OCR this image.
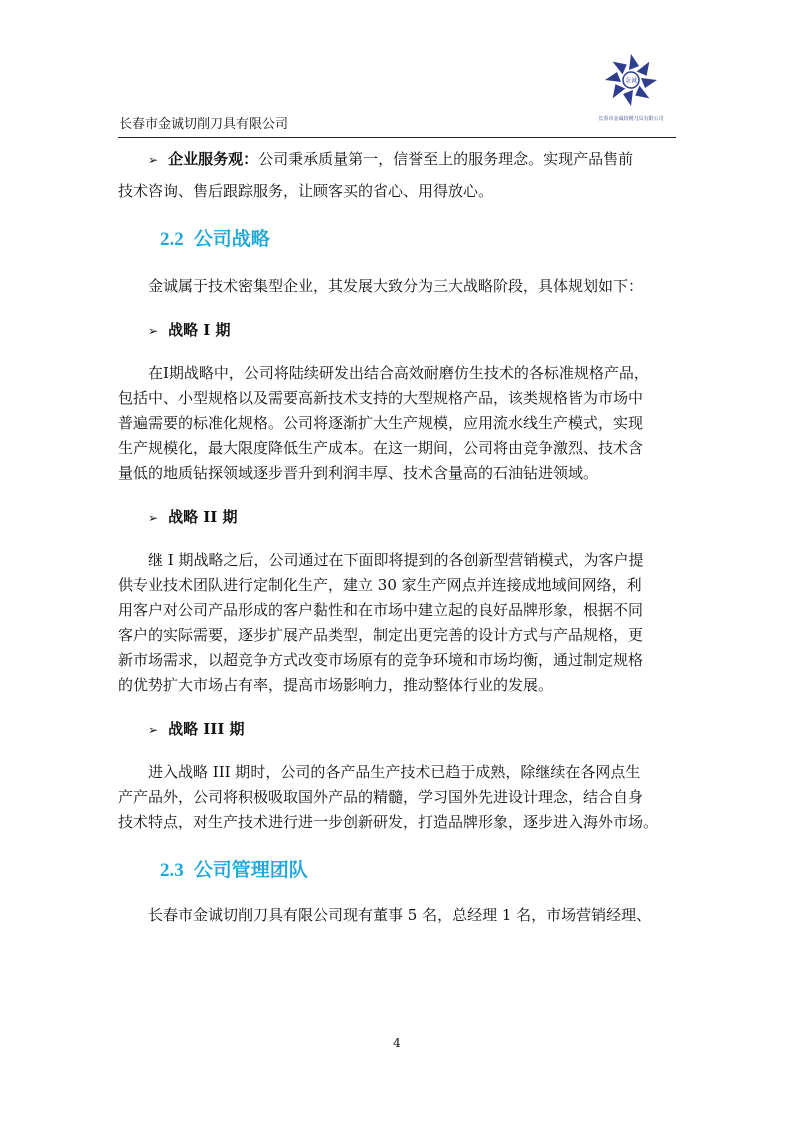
长春市金诚切削刀具有限公司
金诚
长春市金诚切削刀具有限公司
➢ 企业服务观：公司秉承质量第一，信誉至上的服务理念。实现产品售前

技术咨询、售后跟踪服务，让顾客买的省心、用得放心。

2.2 公司战略

金诚属于技术密集型企业，其发展大致分为三大战略阶段，具体规划如下：

➢ 战略 I 期

在I期战略中，公司将陆续研发出结合高效耐磨仿生技术的各标准规格产品，

包括中、小型规格以及需要高新技术支持的大型规格产品，该类规格皆为市场中

普遍需要的标准化规格。公司将逐渐扩大生产规模，应用流水线生产模式，实现

生产规模化，最大限度降低生产成本。在这一期间，公司将由竞争激烈、技术含

量低的地质钻探领域逐步晋升到利润丰厚、技术含量高的石油钻进领域。

➢ 战略 II 期

继 I 期战略之后，公司通过在下面即将提到的各创新型营销模式，为客户提

供专业技术团队进行定制化生产，建立 30 家生产网点并连接成地域间网络，利

用客户对公司产品形成的客户黏性和在市场中建立起的良好品牌形象，根据不同

客户的实际需要，逐步扩展产品类型，制定出更完善的设计方式与产品规格，更

新市场需求，以超竞争方式改变市场原有的竞争环境和市场均衡，通过制定规格

的优势扩大市场占有率，提高市场影响力，推动整体行业的发展。

➢ 战略 III 期

进入战略 III 期时，公司的各产品生产技术已趋于成熟，除继续在各网点生

产产品外，公司将积极吸取国外产品的精髓，学习国外先进设计理念，结合自身

技术特点，对生产技术进行进一步创新研发，打造品牌形象，逐步进入海外市场。

2.3 公司管理团队

长春市金诚切削刀具有限公司现有董事 5 名，总经理 1 名，市场营销经理、

4
